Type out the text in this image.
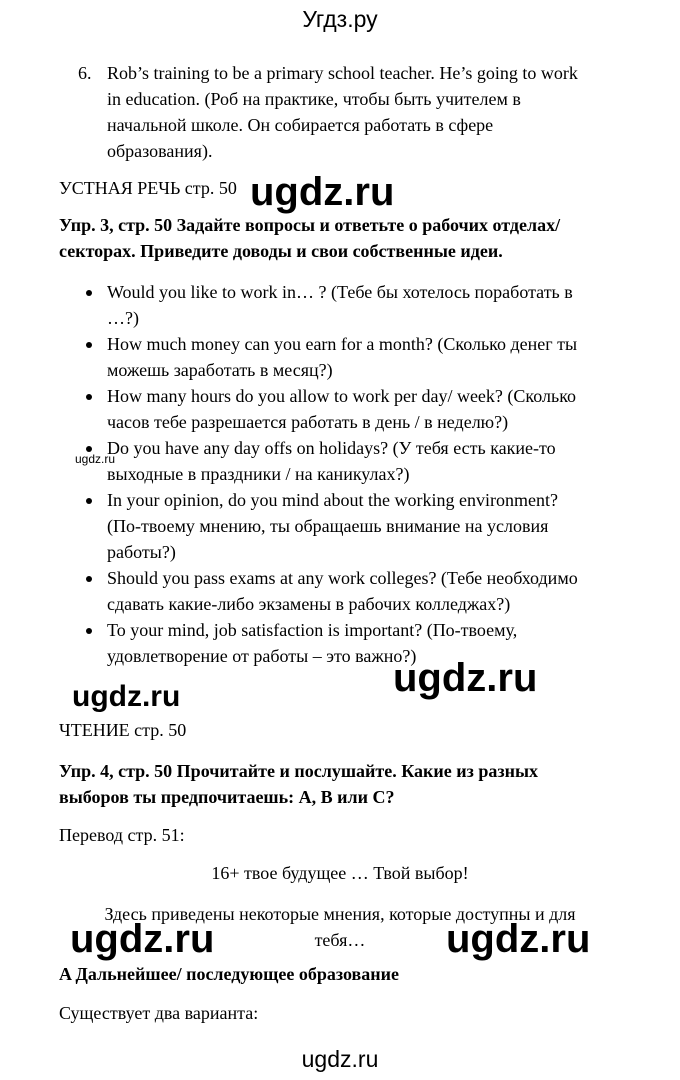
Угдз.ру
6. Rob’s training to be a primary school teacher. He’s going to work
in education. (Роб на практике, чтобы быть учителем в
начальной школе. Он собирается работать в сфере
образования).
УСТНАЯ РЕЧЬ стр. 50 ugdz.ru
Упр. 3, стр. 50 Задайте вопросы и ответьте о рабочих отделах/
секторах. Приведите доводы и свои собственные идеи.
Would you like to work in… ? (Тебе бы хотелось поработать в
…?)
How much money can you earn for a month? (Сколько денег ты
можешь заработать в месяц?)
How many hours do you allow to work per day/ week? (Сколько
часов тебе разрешается работать в день / в неделю?)
Do you have any day offs on holidays? (У тебя есть какие-то
выходные в праздники / на каникулах?)
In your opinion, do you mind about the working environment?
(По-твоему мнению, ты обращаешь внимание на условия
работы?)
Should you pass exams at any work colleges? (Тебе необходимо
сдавать какие-либо экзамены в рабочих колледжах?)
To your mind, job satisfaction is important? (По-твоему,
удовлетворение от работы – это важно?)
ugdz.ru
ugdz.ru	ugdz.ru
ЧТЕНИЕ стр. 50
Упр. 4, стр. 50 Прочитайте и послушайте. Какие из разных
выборов ты предпочитаешь: A, B или C?
Перевод стр. 51:
16+ твое будущее … Твой выбор!
Здесь приведены некоторые мнения, которые доступны и для
тебя…
ugdz.ru	ugdz.ru
A Дальнейшее/ последующее образование
Существует два варианта:
ugdz.ru
